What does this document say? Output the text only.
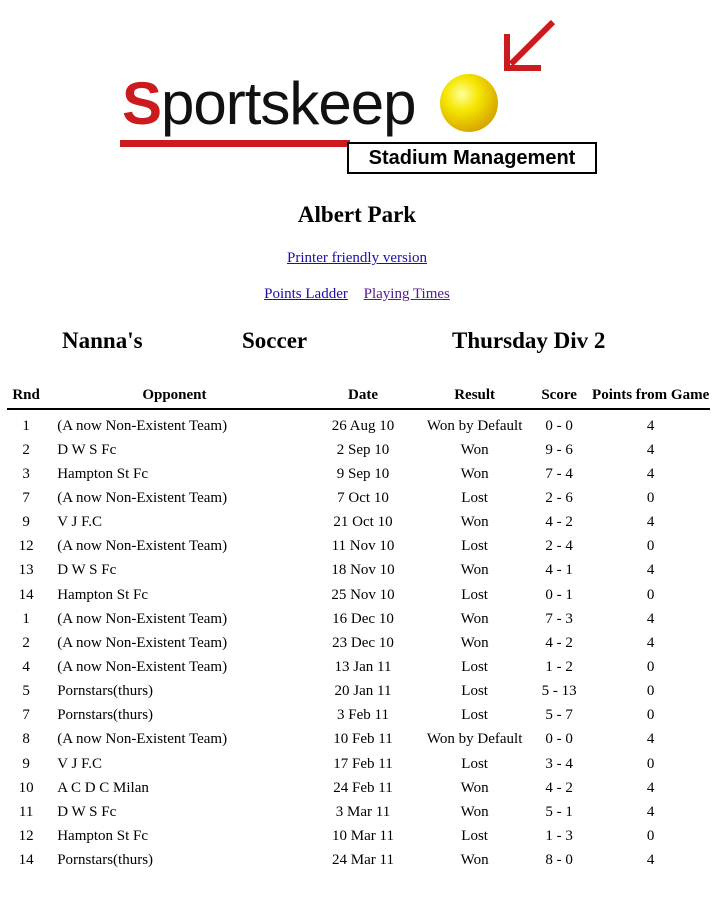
Sportskeep
Stadium Management
Albert Park
Printer friendly version
Points Ladder Playing Times
Nanna's	Soccer	Thursday Div 2
Rnd	Opponent	Date	Result	Score	Points from Game
1	(A now Non-Existent Team)	26 Aug 10	Won by Default	0 - 0	4
2	D W S Fc	2 Sep 10	Won	9 - 6	4
3	Hampton St Fc	9 Sep 10	Won	7 - 4	4
7	(A now Non-Existent Team)	7 Oct 10	Lost	2 - 6	0
9	V J F.C	21 Oct 10	Won	4 - 2	4
12	(A now Non-Existent Team)	11 Nov 10	Lost	2 - 4	0
13	D W S Fc	18 Nov 10	Won	4 - 1	4
14	Hampton St Fc	25 Nov 10	Lost	0 - 1	0
1	(A now Non-Existent Team)	16 Dec 10	Won	7 - 3	4
2	(A now Non-Existent Team)	23 Dec 10	Won	4 - 2	4
4	(A now Non-Existent Team)	13 Jan 11	Lost	1 - 2	0
5	Pornstars(thurs)	20 Jan 11	Lost	5 - 13	0
7	Pornstars(thurs)	3 Feb 11	Lost	5 - 7	0
8	(A now Non-Existent Team)	10 Feb 11	Won by Default	0 - 0	4
9	V J F.C	17 Feb 11	Lost	3 - 4	0
10	A C D C Milan	24 Feb 11	Won	4 - 2	4
11	D W S Fc	3 Mar 11	Won	5 - 1	4
12	Hampton St Fc	10 Mar 11	Lost	1 - 3	0
14	Pornstars(thurs)	24 Mar 11	Won	8 - 0	4
